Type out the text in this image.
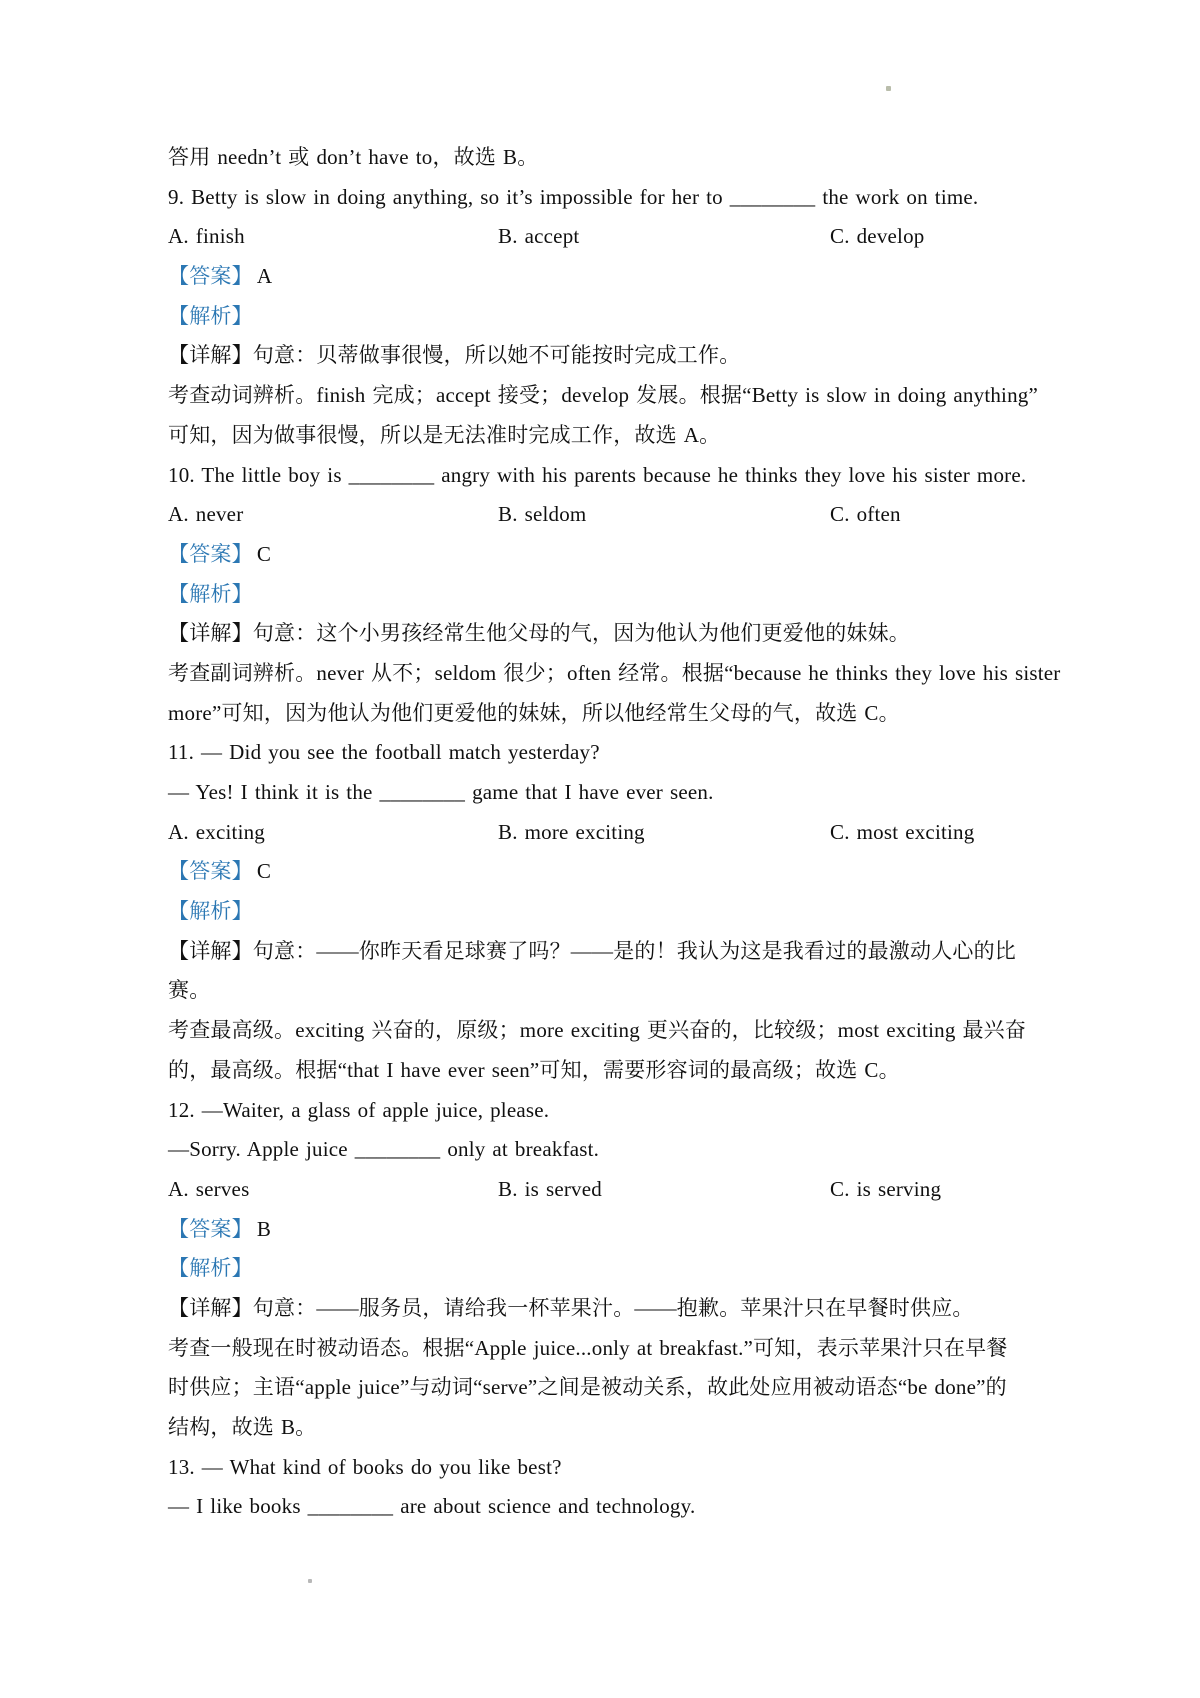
答用 needn’t 或 don’t have to，故选 B。
9. Betty is slow in doing anything, so it’s impossible for her to ________ the work on time.
A. finish	B. accept	C. develop
【答案】 A
【解析】
【详解】句意：贝蒂做事很慢，所以她不可能按时完成工作。
考查动词辨析。finish 完成；accept 接受；develop 发展。根据“Betty is slow in doing anything”
可知，因为做事很慢，所以是无法准时完成工作，故选 A。
10. The little boy is ________ angry with his parents because he thinks they love his sister more.
A. never	B. seldom	C. often
【答案】 C
【解析】
【详解】句意：这个小男孩经常生他父母的气，因为他认为他们更爱他的妹妹。
考查副词辨析。never 从不；seldom 很少；often 经常。根据“because he thinks they love his sister
more”可知，因为他认为他们更爱他的妹妹，所以他经常生父母的气，故选 C。
11. — Did you see the football match yesterday?
— Yes! I think it is the ________ game that I have ever seen.
A. exciting	B. more exciting	C. most exciting
【答案】 C
【解析】
【详解】句意：——你昨天看足球赛了吗？——是的！我认为这是我看过的最激动人心的比
赛。
考查最高级。exciting 兴奋的，原级；more exciting 更兴奋的，比较级；most exciting 最兴奋
的，最高级。根据“that I have ever seen”可知，需要形容词的最高级；故选 C。
12. —Waiter, a glass of apple juice, please.
—Sorry. Apple juice ________ only at breakfast.
A. serves	B. is served	C. is serving
【答案】 B
【解析】
【详解】句意：——服务员，请给我一杯苹果汁。——抱歉。苹果汁只在早餐时供应。
考查一般现在时被动语态。根据“Apple juice...only at breakfast.”可知，表示苹果汁只在早餐
时供应；主语“apple juice”与动词“serve”之间是被动关系，故此处应用被动语态“be done”的
结构，故选 B。
13. — What kind of books do you like best?
— I like books ________ are about science and technology.
